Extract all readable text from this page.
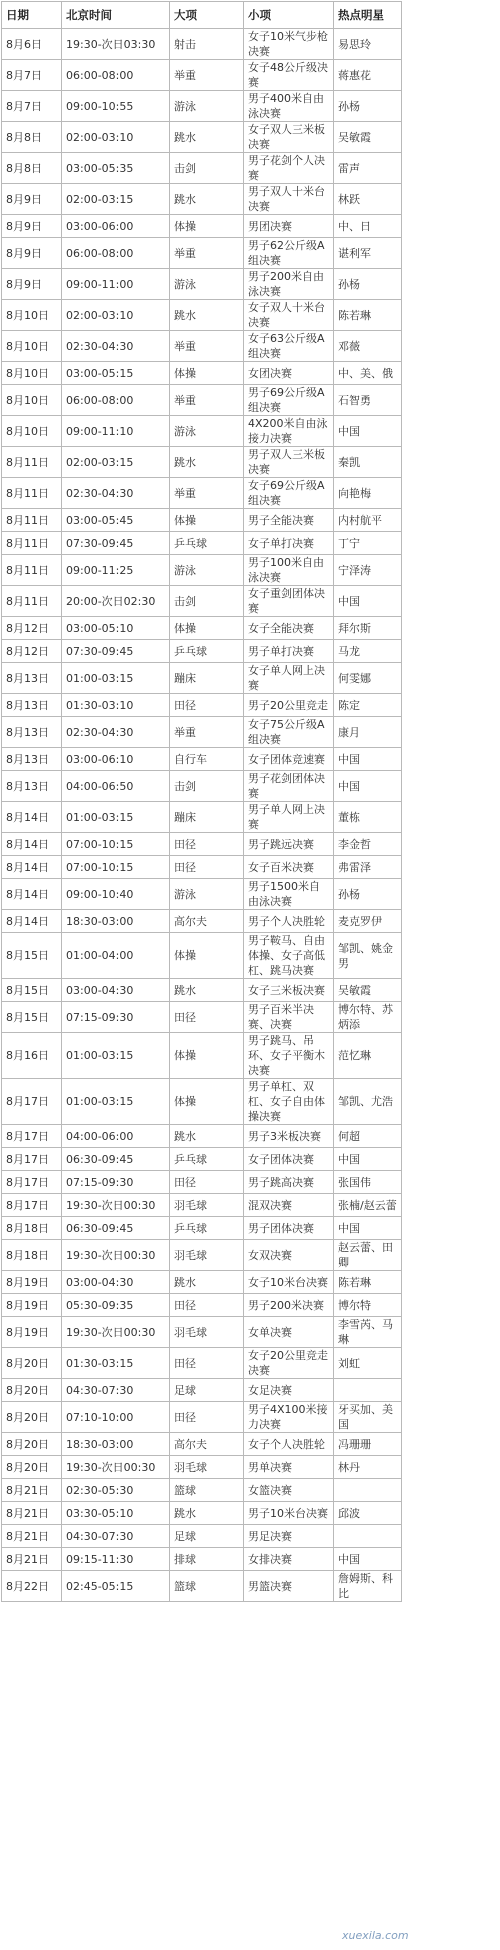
日期	北京时间	大项	小项	热点明星
8月6日	19:30-次日03:30	射击	女子10米气步枪决赛	易思玲
8月7日	06:00-08:00	举重	女子48公斤级决赛	蒋惠花
8月7日	09:00-10:55	游泳	男子400米自由泳决赛	孙杨
8月8日	02:00-03:10	跳水	女子双人三米板决赛	吴敏霞
8月8日	03:00-05:35	击剑	男子花剑个人决赛	雷声
8月9日	02:00-03:15	跳水	男子双人十米台决赛	林跃
8月9日	03:00-06:00	体操	男团决赛	中、日
8月9日	06:00-08:00	举重	男子62公斤级A组决赛	谌利军
8月9日	09:00-11:00	游泳	男子200米自由泳决赛	孙杨
8月10日	02:00-03:10	跳水	女子双人十米台决赛	陈若琳
8月10日	02:30-04:30	举重	女子63公斤级A组决赛	邓薇
8月10日	03:00-05:15	体操	女团决赛	中、美、俄
8月10日	06:00-08:00	举重	男子69公斤级A组决赛	石智勇
8月10日	09:00-11:10	游泳	4X200米自由泳接力决赛	中国
8月11日	02:00-03:15	跳水	男子双人三米板决赛	秦凯
8月11日	02:30-04:30	举重	女子69公斤级A组决赛	向艳梅
8月11日	03:00-05:45	体操	男子全能决赛	内村航平
8月11日	07:30-09:45	乒乓球	女子单打决赛	丁宁
8月11日	09:00-11:25	游泳	男子100米自由泳决赛	宁泽涛
8月11日	20:00-次日02:30	击剑	女子重剑团体决赛	中国
8月12日	03:00-05:10	体操	女子全能决赛	拜尔斯
8月12日	07:30-09:45	乒乓球	男子单打决赛	马龙
8月13日	01:00-03:15	蹦床	女子单人网上决赛	何雯娜
8月13日	01:30-03:10	田径	男子20公里竞走	陈定
8月13日	02:30-04:30	举重	女子75公斤级A组决赛	康月
8月13日	03:00-06:10	自行车	女子团体竞速赛	中国
8月13日	04:00-06:50	击剑	男子花剑团体决赛	中国
8月14日	01:00-03:15	蹦床	男子单人网上决赛	董栋
8月14日	07:00-10:15	田径	男子跳远决赛	李金哲
8月14日	07:00-10:15	田径	女子百米决赛	弗雷泽
8月14日	09:00-10:40	游泳	男子1500米自由泳决赛	孙杨
8月14日	18:30-03:00	高尔夫	男子个人决胜轮	麦克罗伊
8月15日	01:00-04:00	体操	男子鞍马、自由体操、女子高低杠、跳马决赛	邹凯、姚金男
8月15日	03:00-04:30	跳水	女子三米板决赛	吴敏霞
8月15日	07:15-09:30	田径	男子百米半决赛、决赛	博尔特、苏炳添
8月16日	01:00-03:15	体操	男子跳马、吊环、女子平衡木决赛	范忆琳
8月17日	01:00-03:15	体操	男子单杠、双杠、女子自由体操决赛	邹凯、尤浩
8月17日	04:00-06:00	跳水	男子3米板决赛	何超
8月17日	06:30-09:45	乒乓球	女子团体决赛	中国
8月17日	07:15-09:30	田径	男子跳高决赛	张国伟
8月17日	19:30-次日00:30	羽毛球	混双决赛	张楠/赵云蕾
8月18日	06:30-09:45	乒乓球	男子团体决赛	中国
8月18日	19:30-次日00:30	羽毛球	女双决赛	赵云蕾、田卿
8月19日	03:00-04:30	跳水	女子10米台决赛	陈若琳
8月19日	05:30-09:35	田径	男子200米决赛	博尔特
8月19日	19:30-次日00:30	羽毛球	女单决赛	李雪芮、马琳
8月20日	01:30-03:15	田径	女子20公里竞走决赛	刘虹
8月20日	04:30-07:30	足球	女足决赛	
8月20日	07:10-10:00	田径	男子4X100米接力决赛	牙买加、美国
8月20日	18:30-03:00	高尔夫	女子个人决胜轮	冯珊珊
8月20日	19:30-次日00:30	羽毛球	男单决赛	林丹
8月21日	02:30-05:30	篮球	女篮决赛	
8月21日	03:30-05:10	跳水	男子10米台决赛	邱波
8月21日	04:30-07:30	足球	男足决赛	
8月21日	09:15-11:30	排球	女排决赛	中国
8月22日	02:45-05:15	篮球	男篮决赛	詹姆斯、科比
xuexila.com
